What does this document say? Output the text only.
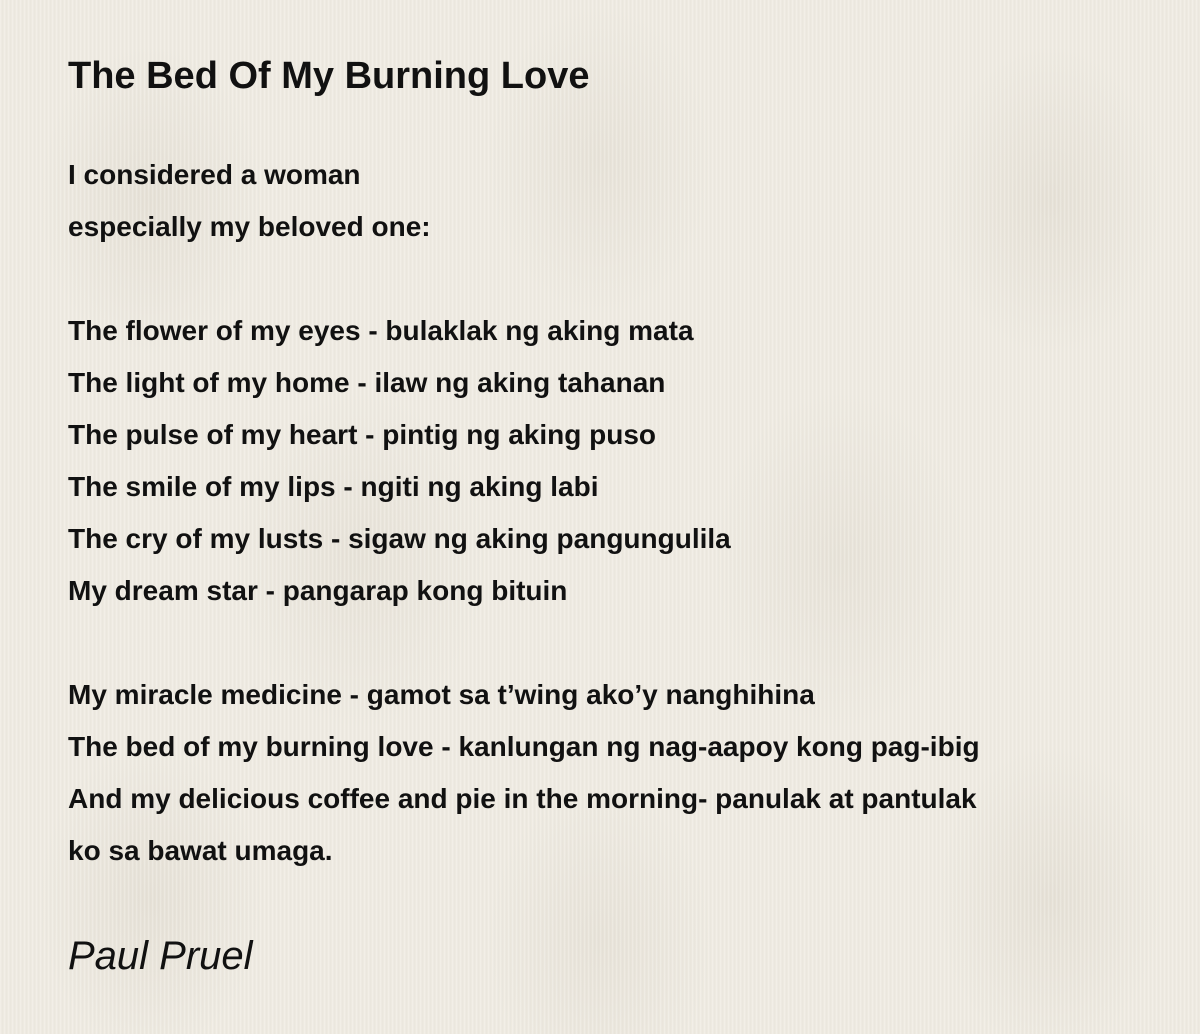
The Bed Of My Burning Love
I considered a woman
especially my beloved one:
The flower of my eyes - bulaklak ng aking mata
The light of my home - ilaw ng aking tahanan
The pulse of my heart - pintig ng aking puso
The smile of my lips - ngiti ng aking labi
The cry of my lusts - sigaw ng aking pangungulila
My dream star - pangarap kong bituin
My miracle medicine - gamot sa t’wing ako’y nanghihina
The bed of my burning love - kanlungan ng nag-aapoy kong pag-ibig
And my delicious coffee and pie in the morning- panulak at pantulak
ko sa bawat umaga.
Paul Pruel
